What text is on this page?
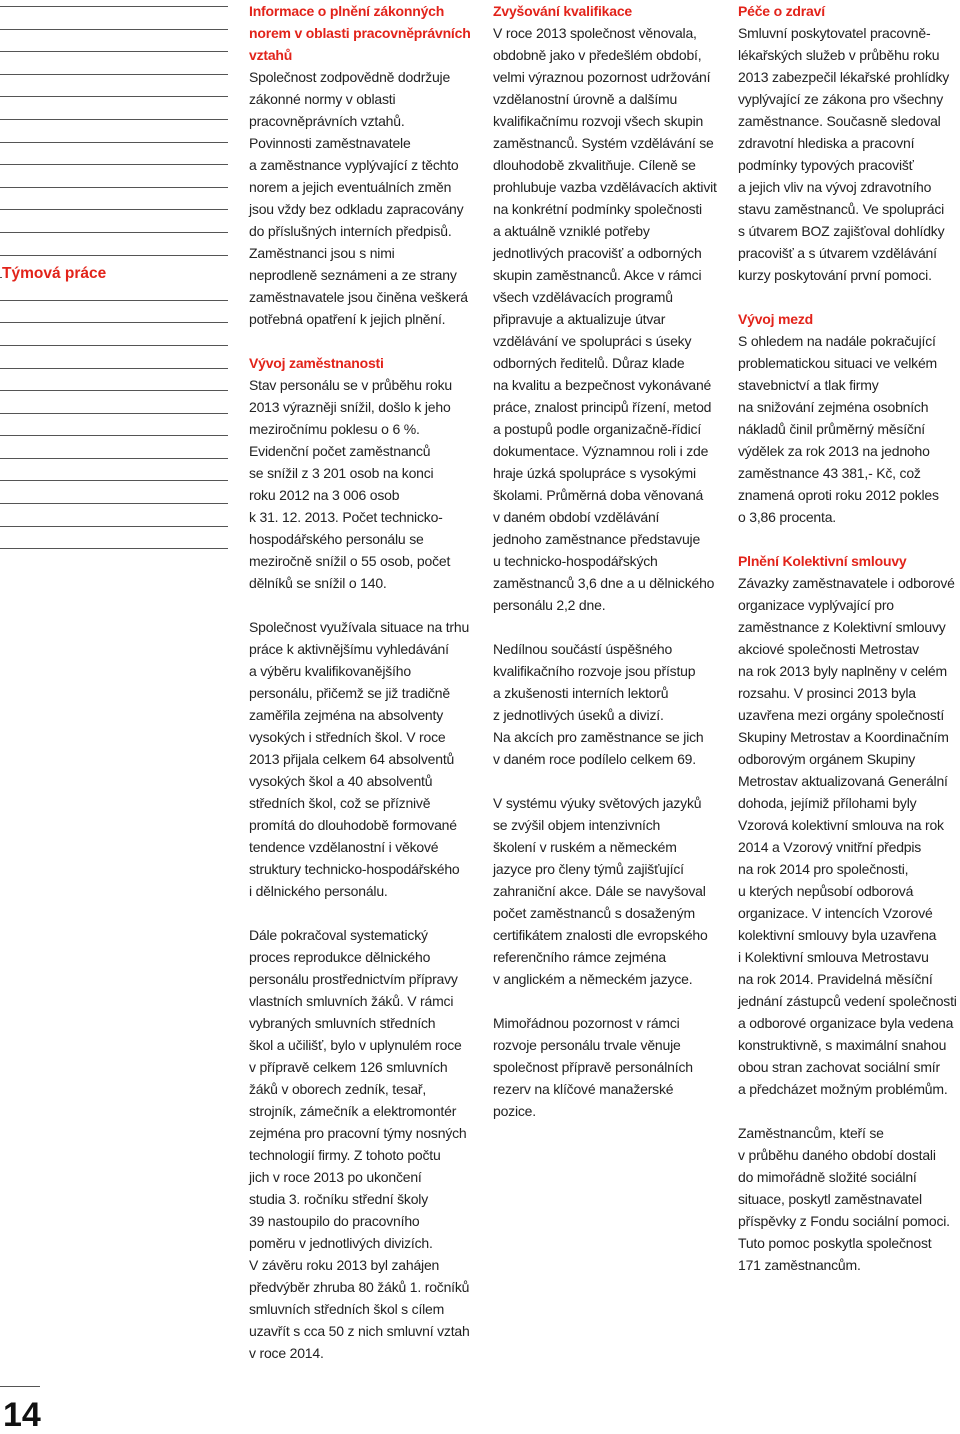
Týmová práce
Informace o plnění zákonných
norem v oblasti pracovněprávních
vztahů

Společnost zodpovědně dodržuje
zákonné normy v oblasti
pracovněprávních vztahů.
Povinnosti zaměstnavatele
a zaměstnance vyplývající z těchto
norem a jejich eventuálních změn
jsou vždy bez odkladu zapracovány
do příslušných interních předpisů.
Zaměstnanci jsou s nimi
neprodleně seznámeni a ze strany
zaměstnavatele jsou činěna veškerá
potřebná opatření k jejich plnění.

Vývoj zaměstnanosti

Stav personálu se v průběhu roku
2013 výrazněji snížil, došlo k jeho
meziročnímu poklesu o 6 %.
Evidenční počet zaměstnanců
se snížil z 3 201 osob na konci
roku 2012 na 3 006 osob
k 31. 12. 2013. Počet technicko-
hospodářského personálu se
meziročně snížil o 55 osob, počet
dělníků se snížil o 140.

Společnost využívala situace na trhu
práce k aktivnějšímu vyhledávání
a výběru kvalifikovanějšího
personálu, přičemž se již tradičně
zaměřila zejména na absolventy
vysokých i středních škol. V roce
2013 přijala celkem 64 absolventů
vysokých škol a 40 absolventů
středních škol, což se příznivě
promítá do dlouhodobě formované
tendence vzdělanostní i věkové
struktury technicko-hospodářského
i dělnického personálu.

Dále pokračoval systematický
proces reprodukce dělnického
personálu prostřednictvím přípravy
vlastních smluvních žáků. V rámci
vybraných smluvních středních
škol a učilišť, bylo v uplynulém roce
v přípravě celkem 126 smluvních
žáků v oborech zedník, tesař,
strojník, zámečník a elektromontér
zejména pro pracovní týmy nosných
technologií firmy. Z tohoto počtu
jich v roce 2013 po ukončení
studia 3. ročníku střední školy
39 nastoupilo do pracovního
poměru v jednotlivých divizích.
V závěru roku 2013 byl zahájen
předvýběr zhruba 80 žáků 1. ročníků
smluvních středních škol s cílem
uzavřít s cca 50 z nich smluvní vztah
v roce 2014.

Zvyšování kvalifikace

V roce 2013 společnost věnovala,
obdobně jako v předešlém období,
velmi výraznou pozornost udržování
vzdělanostní úrovně a dalšímu
kvalifikačnímu rozvoji všech skupin
zaměstnanců. Systém vzdělávání se
dlouhodobě zkvalitňuje. Cíleně se
prohlubuje vazba vzdělávacích aktivit
na konkrétní podmínky společnosti
a aktuálně vzniklé potřeby
jednotlivých pracovišť a odborných
skupin zaměstnanců. Akce v rámci
všech vzdělávacích programů
připravuje a aktualizuje útvar
vzdělávání ve spolupráci s úseky
odborných ředitelů. Důraz klade
na kvalitu a bezpečnost vykonávané
práce, znalost principů řízení, metod
a postupů podle organizačně-řídicí
dokumentace. Významnou roli i zde
hraje úzká spolupráce s vysokými
školami. Průměrná doba věnovaná
v daném období vzdělávání
jednoho zaměstnance představuje
u technicko-hospodářských
zaměstnanců 3,6 dne a u dělnického
personálu 2,2 dne.

Nedílnou součástí úspěšného
kvalifikačního rozvoje jsou přístup
a zkušenosti interních lektorů
z jednotlivých úseků a divizí.
Na akcích pro zaměstnance se jich
v daném roce podílelo celkem 69.

V systému výuky světových jazyků
se zvýšil objem intenzivních
školení v ruském a německém
jazyce pro členy týmů zajišťující
zahraniční akce. Dále se navyšoval
počet zaměstnanců s dosaženým
certifikátem znalosti dle evropského
referenčního rámce zejména
v anglickém a německém jazyce.

Mimořádnou pozornost v rámci
rozvoje personálu trvale věnuje
společnost přípravě personálních
rezerv na klíčové manažerské
pozice.

Péče o zdraví

Smluvní poskytovatel pracovně-
lékařských služeb v průběhu roku
2013 zabezpečil lékařské prohlídky
vyplývající ze zákona pro všechny
zaměstnance. Současně sledoval
zdravotní hlediska a pracovní
podmínky typových pracovišť
a jejich vliv na vývoj zdravotního
stavu zaměstnanců. Ve spolupráci
s útvarem BOZ zajišťoval dohlídky
pracovišť a s útvarem vzdělávání
kurzy poskytování první pomoci.

Vývoj mezd

S ohledem na nadále pokračující
problematickou situaci ve velkém
stavebnictví a tlak firmy
na snižování zejména osobních
nákladů činil průměrný měsíční
výdělek za rok 2013 na jednoho
zaměstnance 43 381,- Kč, což
znamená oproti roku 2012 pokles
o 3,86 procenta.

Plnění Kolektivní smlouvy

Závazky zaměstnavatele i odborové
organizace vyplývající pro
zaměstnance z Kolektivní smlouvy
akciové společnosti Metrostav
na rok 2013 byly naplněny v celém
rozsahu. V prosinci 2013 byla
uzavřena mezi orgány společností
Skupiny Metrostav a Koordinačním
odborovým orgánem Skupiny
Metrostav aktualizovaná Generální
dohoda, jejímiž přílohami byly
Vzorová kolektivní smlouva na rok
2014 a Vzorový vnitřní předpis
na rok 2014 pro společnosti,
u kterých nepůsobí odborová
organizace. V intencích Vzorové
kolektivní smlouvy byla uzavřena
i Kolektivní smlouva Metrostavu
na rok 2014. Pravidelná měsíční
jednání zástupců vedení společnosti
a odborové organizace byla vedena
konstruktivně, s maximální snahou
obou stran zachovat sociální smír
a předcházet možným problémům.

Zaměstnancům, kteří se
v průběhu daného období dostali
do mimořádně složité sociální
situace, poskytl zaměstnavatel
příspěvky z Fondu sociální pomoci.
Tuto pomoc poskytla společnost
171 zaměstnancům.

14
